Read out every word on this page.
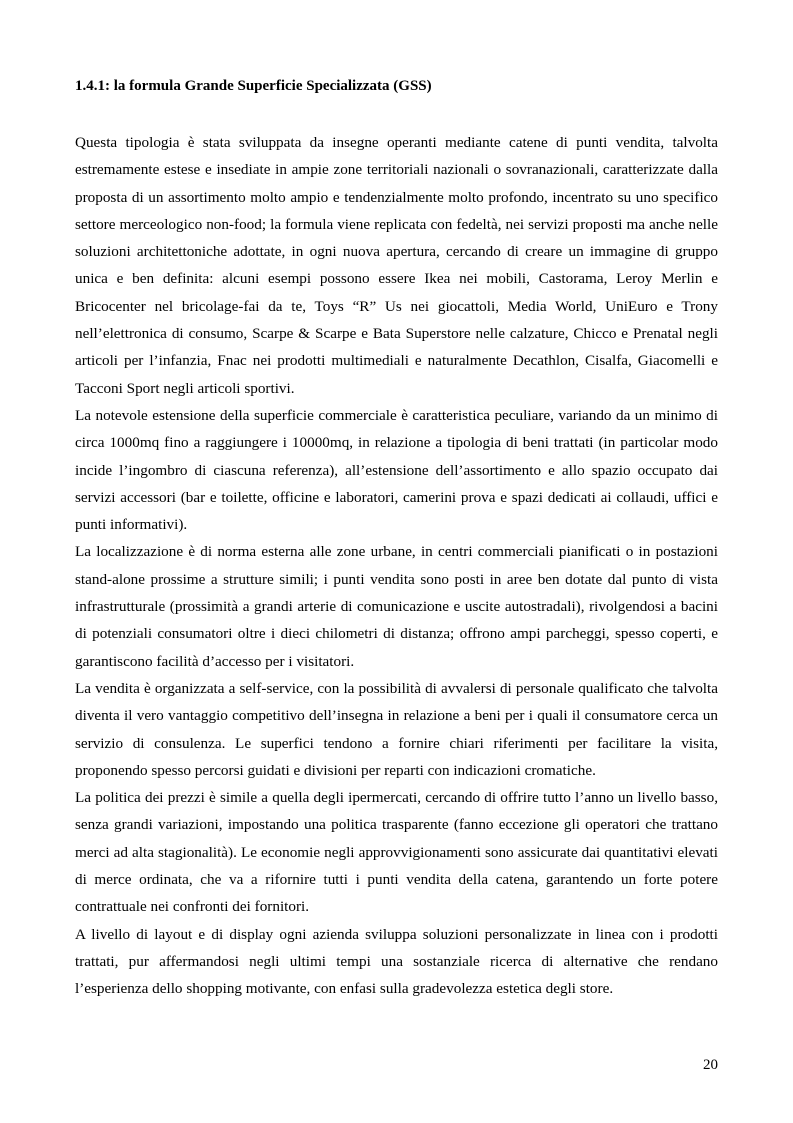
1.4.1: la formula Grande Superficie Specializzata (GSS)

Questa tipologia è stata sviluppata da insegne operanti mediante catene di punti vendita, talvolta estremamente estese e insediate in ampie zone territoriali nazionali o sovranazionali, caratterizzate dalla proposta di un assortimento molto ampio e tendenzialmente molto profondo, incentrato su uno specifico settore merceologico non-food; la formula viene replicata con fedeltà, nei servizi proposti ma anche nelle soluzioni architettoniche adottate, in ogni nuova apertura, cercando di creare un immagine di gruppo unica e ben definita: alcuni esempi possono essere Ikea nei mobili, Castorama, Leroy Merlin e Bricocenter nel bricolage-fai da te, Toys “R” Us nei giocattoli, Media World, UniEuro e Trony nell’elettronica di consumo, Scarpe & Scarpe e Bata Superstore nelle calzature, Chicco e Prenatal negli articoli per l’infanzia, Fnac nei prodotti multimediali e naturalmente Decathlon, Cisalfa, Giacomelli e Tacconi Sport negli articoli sportivi.

La notevole estensione della superficie commerciale è caratteristica peculiare, variando da un minimo di circa 1000mq fino a raggiungere i 10000mq, in relazione a tipologia di beni trattati (in particolar modo incide l’ingombro di ciascuna referenza), all’estensione dell’assortimento e allo spazio occupato dai servizi accessori (bar e toilette, officine e laboratori, camerini prova e spazi dedicati ai collaudi, uffici e punti informativi).

La localizzazione è di norma esterna alle zone urbane, in centri commerciali pianificati o in postazioni stand-alone prossime a strutture simili; i punti vendita sono posti in aree ben dotate dal punto di vista infrastrutturale (prossimità a grandi arterie di comunicazione e uscite autostradali), rivolgendosi a bacini di potenziali consumatori oltre i dieci chilometri di distanza; offrono ampi parcheggi, spesso coperti, e garantiscono facilità d’accesso per i visitatori.

La vendita è organizzata a self-service, con la possibilità di avvalersi di personale qualificato che talvolta diventa il vero vantaggio competitivo dell’insegna in relazione a beni per i quali il consumatore cerca un servizio di consulenza. Le superfici tendono a fornire chiari riferimenti per facilitare la visita, proponendo spesso percorsi guidati e divisioni per reparti con indicazioni cromatiche.

La politica dei prezzi è simile a quella degli ipermercati, cercando di offrire tutto l’anno un livello basso, senza grandi variazioni, impostando una politica trasparente (fanno eccezione gli operatori che trattano merci ad alta stagionalità). Le economie negli approvvigionamenti sono assicurate dai quantitativi elevati di merce ordinata, che va a rifornire tutti i punti vendita della catena, garantendo un forte potere contrattuale nei confronti dei fornitori.

A livello di layout e di display ogni azienda sviluppa soluzioni personalizzate in linea con i prodotti trattati, pur affermandosi negli ultimi tempi una sostanziale ricerca di alternative che rendano l’esperienza dello shopping motivante, con enfasi sulla gradevolezza estetica degli store.

20
